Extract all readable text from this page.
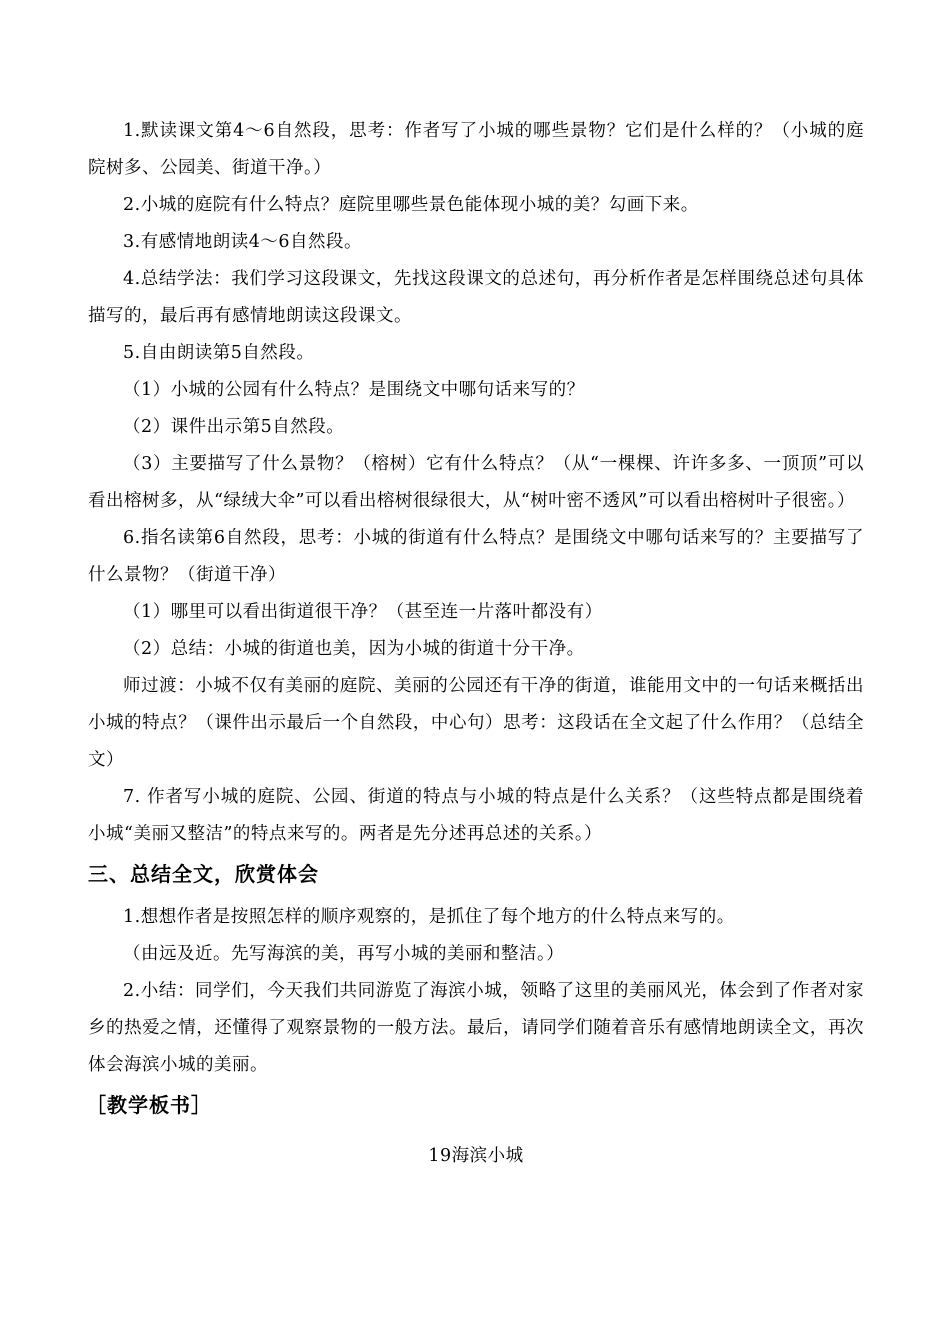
1.默读课文第4～6自然段，思考：作者写了小城的哪些景物？它们是什么样的？（小城的庭院树多、公园美、街道干净。）

2.小城的庭院有什么特点？庭院里哪些景色能体现小城的美？勾画下来。

3.有感情地朗读4～6自然段。

4.总结学法：我们学习这段课文，先找这段课文的总述句，再分析作者是怎样围绕总述句具体描写的，最后再有感情地朗读这段课文。

5.自由朗读第5自然段。

（1）小城的公园有什么特点？是围绕文中哪句话来写的？

（2）课件出示第5自然段。

（3）主要描写了什么景物？（榕树）它有什么特点？（从“一棵棵、许许多多、一顶顶”可以看出榕树多，从“绿绒大伞”可以看出榕树很绿很大，从“树叶密不透风”可以看出榕树叶子很密。）

6.指名读第6自然段，思考：小城的街道有什么特点？是围绕文中哪句话来写的？主要描写了什么景物？（街道干净）

（1）哪里可以看出街道很干净？（甚至连一片落叶都没有）

（2）总结：小城的街道也美，因为小城的街道十分干净。

师过渡：小城不仅有美丽的庭院、美丽的公园还有干净的街道，谁能用文中的一句话来概括出小城的特点？（课件出示最后一个自然段，中心句）思考：这段话在全文起了什么作用？（总结全文）

7. 作者写小城的庭院、公园、街道的特点与小城的特点是什么关系？（这些特点都是围绕着小城“美丽又整洁”的特点来写的。两者是先分述再总述的关系。）

三、总结全文，欣赏体会

1.想想作者是按照怎样的顺序观察的，是抓住了每个地方的什么特点来写的。

（由远及近。先写海滨的美，再写小城的美丽和整洁。）

2.小结：同学们，今天我们共同游览了海滨小城，领略了这里的美丽风光，体会到了作者对家乡的热爱之情，还懂得了观察景物的一般方法。最后，请同学们随着音乐有感情地朗读全文，再次体会海滨小城的美丽。

［教学板书］

19海滨小城
